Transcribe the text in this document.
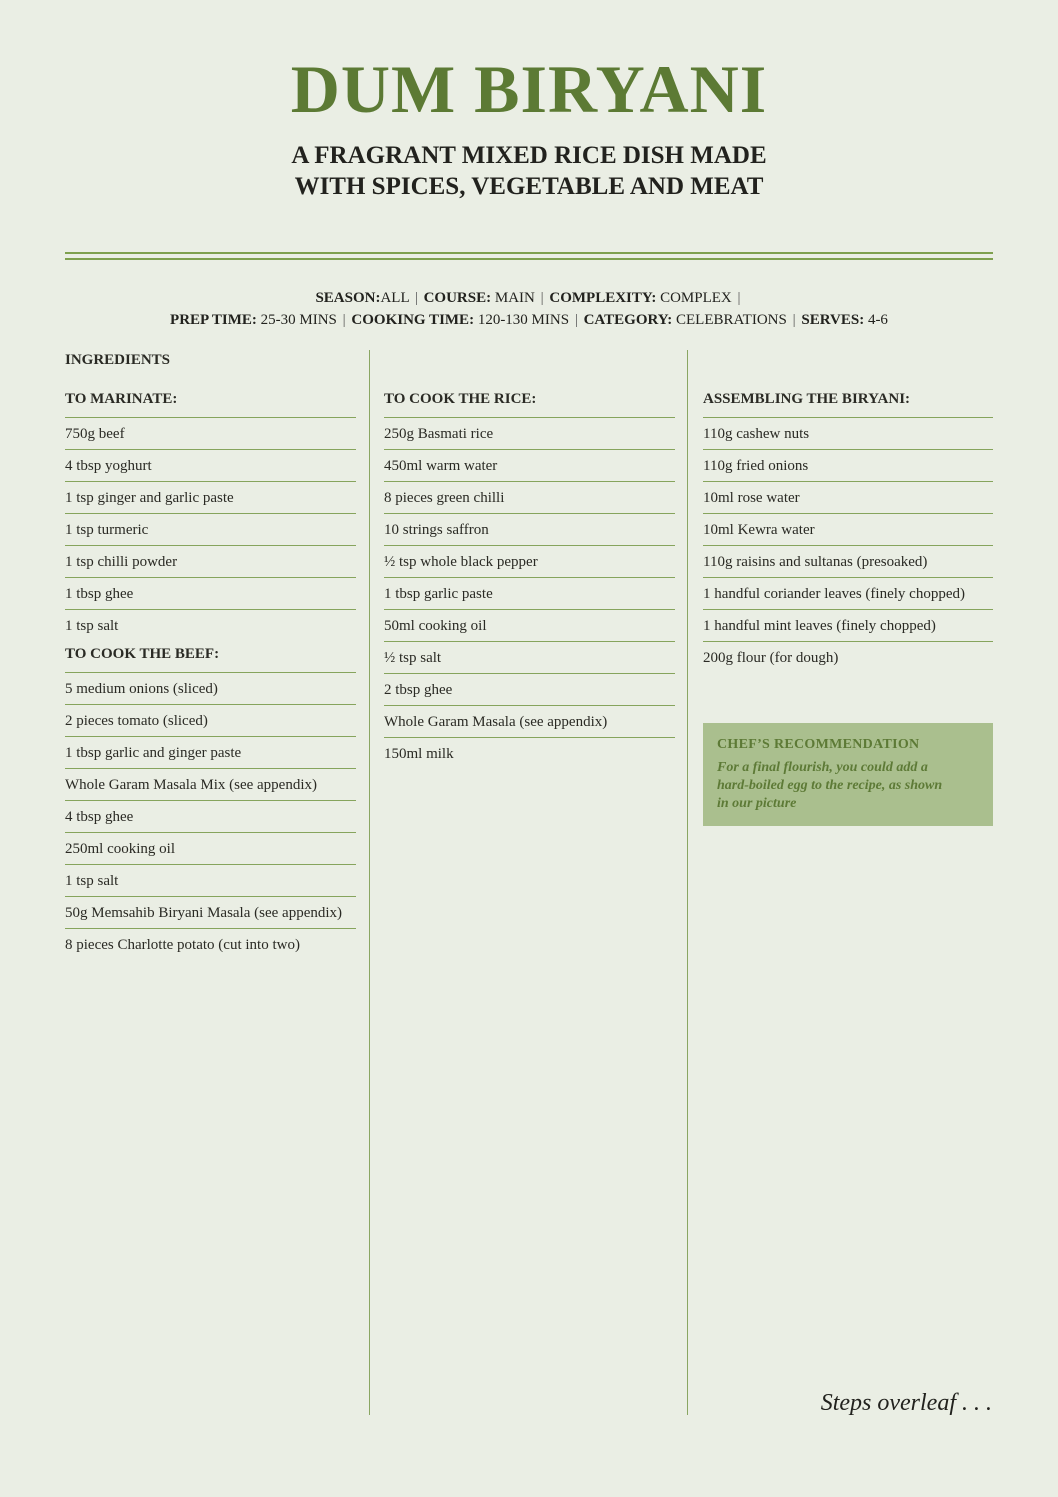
DUM BIRYANI
A FRAGRANT MIXED RICE DISH MADE
WITH SPICES, VEGETABLE AND MEAT
SEASON:ALL | COURSE: MAIN | COMPLEXITY: COMPLEX |
PREP TIME: 25-30 MINS | COOKING TIME: 120-130 MINS | CATEGORY: CELEBRATIONS | SERVES: 4-6
INGREDIENTS
TO MARINATE:
750g beef
4 tbsp yoghurt
1 tsp ginger and garlic paste
1 tsp turmeric
1 tsp chilli powder
1 tbsp ghee
1 tsp salt
TO COOK THE BEEF:
5 medium onions (sliced)
2 pieces tomato (sliced)
1 tbsp garlic and ginger paste
Whole Garam Masala Mix (see appendix)
4 tbsp ghee
250ml cooking oil
1 tsp salt
50g Memsahib Biryani Masala (see appendix)
8 pieces Charlotte potato (cut into two)
TO COOK THE RICE:
250g Basmati rice
450ml warm water
8 pieces green chilli
10 strings saffron
½ tsp whole black pepper
1 tbsp garlic paste
50ml cooking oil
½ tsp salt
2 tbsp ghee
Whole Garam Masala (see appendix)
150ml milk
ASSEMBLING THE BIRYANI:
110g cashew nuts
110g fried onions
10ml rose water
10ml Kewra water
110g raisins and sultanas (presoaked)
1 handful coriander leaves (finely chopped)
1 handful mint leaves (finely chopped)
200g flour (for dough)
CHEF’S RECOMMENDATION
For a final flourish, you could add a
hard-boiled egg to the recipe, as shown
in our picture
Steps overleaf . . .
